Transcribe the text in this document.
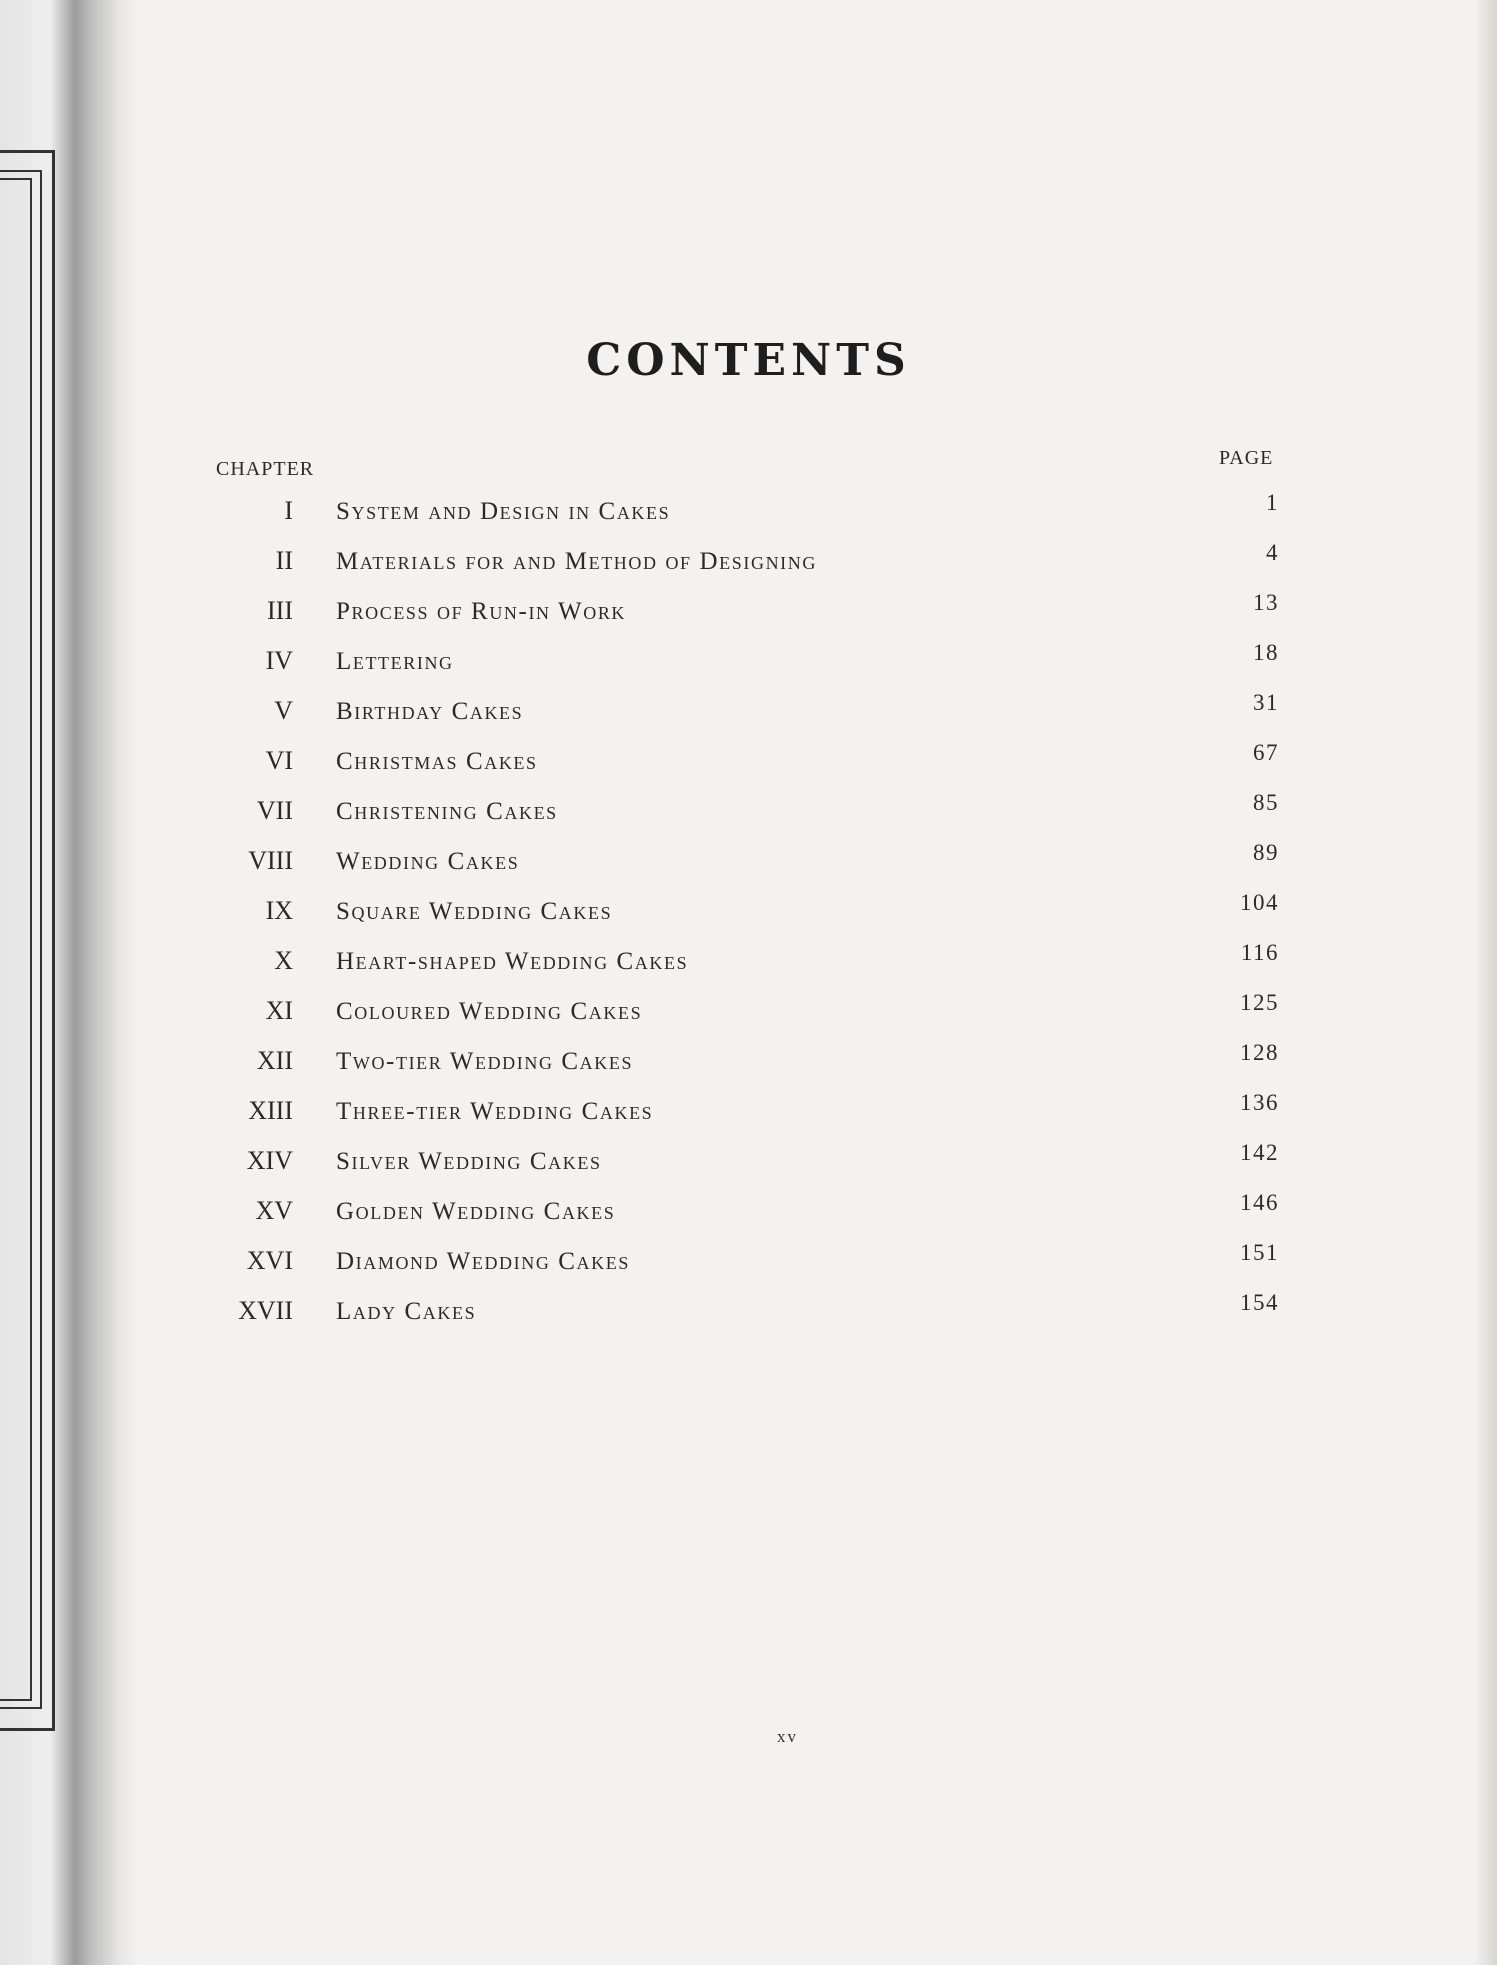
CONTENTS
CHAPTER	PAGE
I System and Design in Cakes	1
II Materials for and Method of Designing	4
III Process of Run-in Work	13
IV Lettering	18
V Birthday Cakes	31
VI Christmas Cakes	67
VII Christening Cakes	85
VIII Wedding Cakes	89
IX Square Wedding Cakes	104
X Heart-shaped Wedding Cakes	116
XI Coloured Wedding Cakes	125
XII Two-tier Wedding Cakes	128
XIII Three-tier Wedding Cakes	136
XIV Silver Wedding Cakes	142
XV Golden Wedding Cakes	146
XVI Diamond Wedding Cakes	151
XVII Lady Cakes	154
xv
